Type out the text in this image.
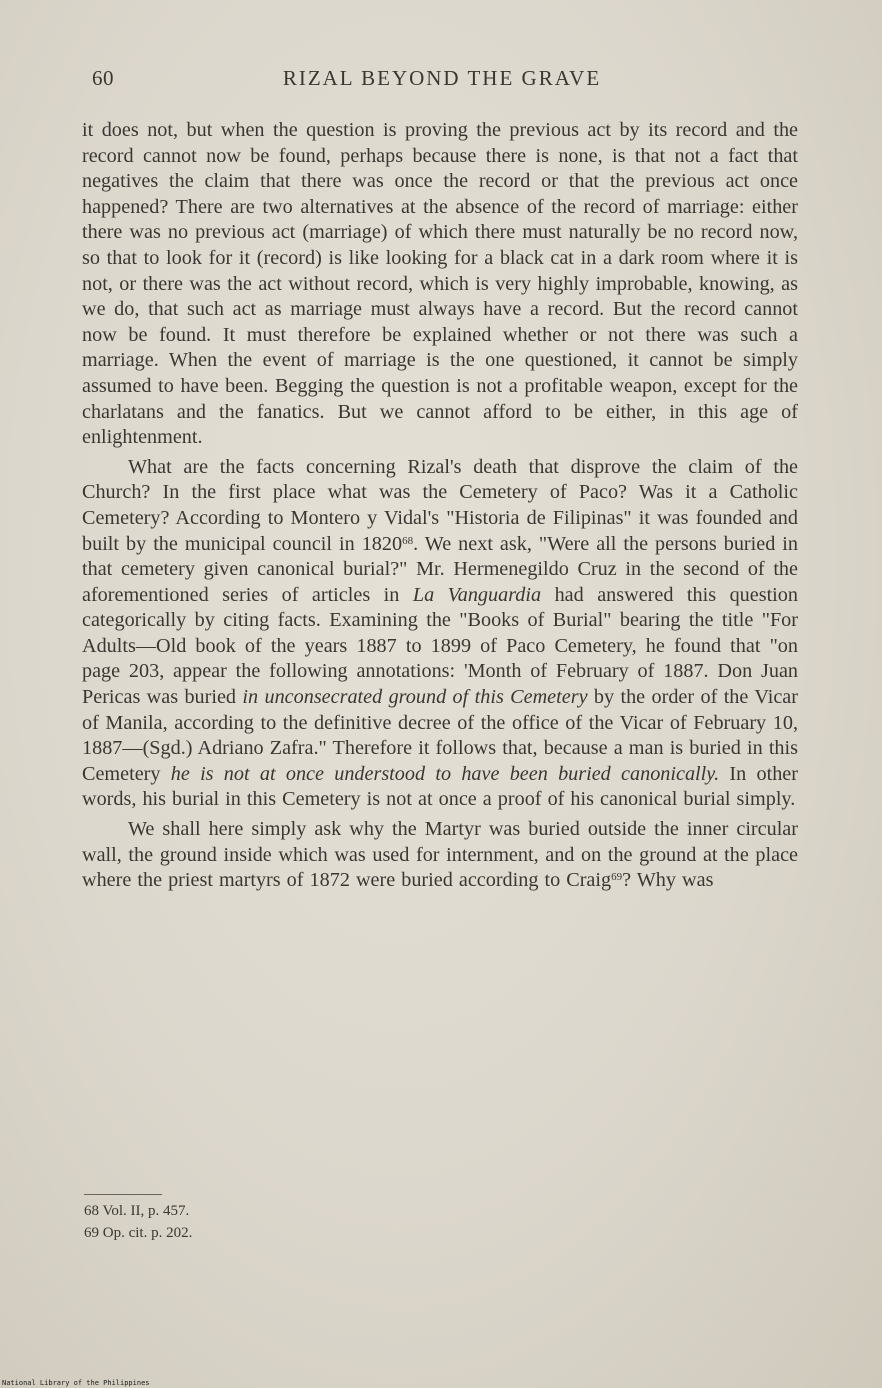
60	RIZAL BEYOND THE GRAVE

it does not, but when the question is proving the previous act by its record and the record cannot now be found, perhaps because there is none, is that not a fact that negatives the claim that there was once the record or that the previous act once happened? There are two alternatives at the absence of the record of marriage: either there was no previous act (marriage) of which there must naturally be no record now, so that to look for it (record) is like looking for a black cat in a dark room where it is not, or there was the act without record, which is very highly improbable, knowing, as we do, that such act as marriage must always have a record. But the record cannot now be found. It must therefore be explained whether or not there was such a marriage. When the event of marriage is the one questioned, it cannot be simply assumed to have been. Begging the question is not a profitable weapon, except for the charlatans and the fanatics. But we cannot afford to be either, in this age of enlightenment.

What are the facts concerning Rizal's death that disprove the claim of the Church? In the first place what was the Cemetery of Paco? Was it a Catholic Cemetery? According to Montero y Vidal's "Historia de Filipinas" it was founded and built by the municipal council in 1820$^{68}$. We next ask, "Were all the persons buried in that cemetery given canonical burial?" Mr. Hermenegildo Cruz in the second of the aforementioned series of articles in La Vanguardia had answered this question categorically by citing facts. Examining the "Books of Burial" bearing the title "For Adults—Old book of the years 1887 to 1899 of Paco Cemetery, he found that "on page 203, appear the following annotations: 'Month of February of 1887. Don Juan Pericas was buried in unconsecrated ground of this Cemetery by the order of the Vicar of Manila, according to the definitive decree of the office of the Vicar of February 10, 1887—(Sgd.) Adriano Zafra." Therefore it follows that, because a man is buried in this Cemetery he is not at once understood to have been buried canonically. In other words, his burial in this Cemetery is not at once a proof of his canonical burial simply.

We shall here simply ask why the Martyr was buried outside the inner circular wall, the ground inside which was used for internment, and on the ground at the place where the priest martyrs of 1872 were buried according to Craig$^{69}$? Why was

68 Vol. II, p. 457.
69 Op. cit. p. 202.
National Library of the Philippines
